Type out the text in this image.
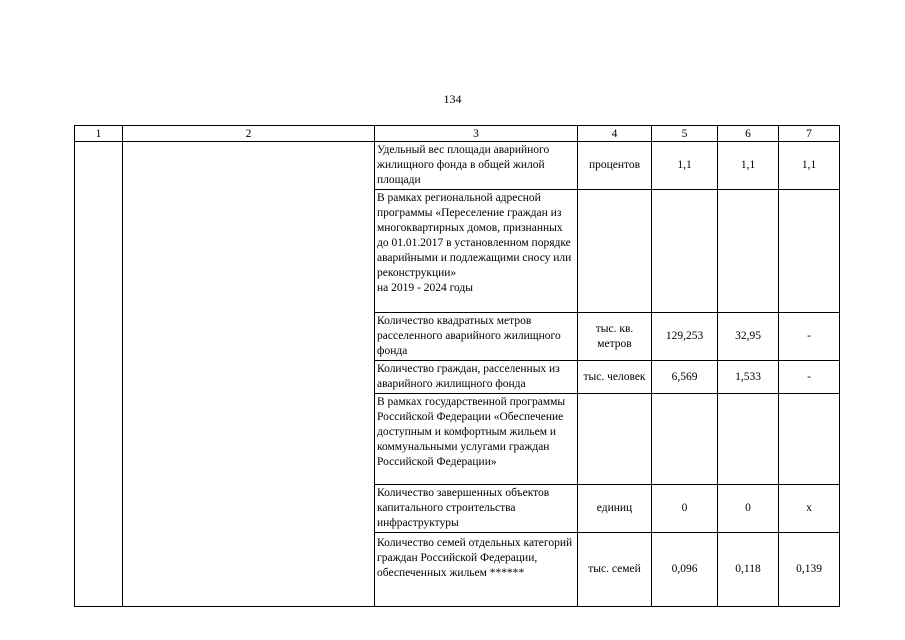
134
1	2	3	4	5	6	7
		Удельный вес площади аварийного жилищного фонда в общей жилой площади	процентов	1,1	1,1	1,1
		В рамках региональной адресной программы «Переселение граждан из многоквартирных домов, признанных до 01.01.2017 в установленном порядке аварийными и подлежащими сносу или реконструкции»
на 2019 - 2024 годы				
		Количество квадратных метров расселенного аварийного жилищного фонда	тыс. кв. метров	129,253	32,95	-
		Количество граждан, расселенных из аварийного жилищного фонда	тыс. человек	6,569	1,533	-
		В рамках государственной программы Российской Федерации «Обеспечение доступным и комфортным жильем и коммунальными услугами граждан Российской Федерации»				
		Количество завершенных объектов капитального строительства инфраструктуры	единиц	0	0	х
		Количество семей отдельных категорий граждан Российской Федерации, обеспеченных жильем ******	тыс. семей	0,096	0,118	0,139
